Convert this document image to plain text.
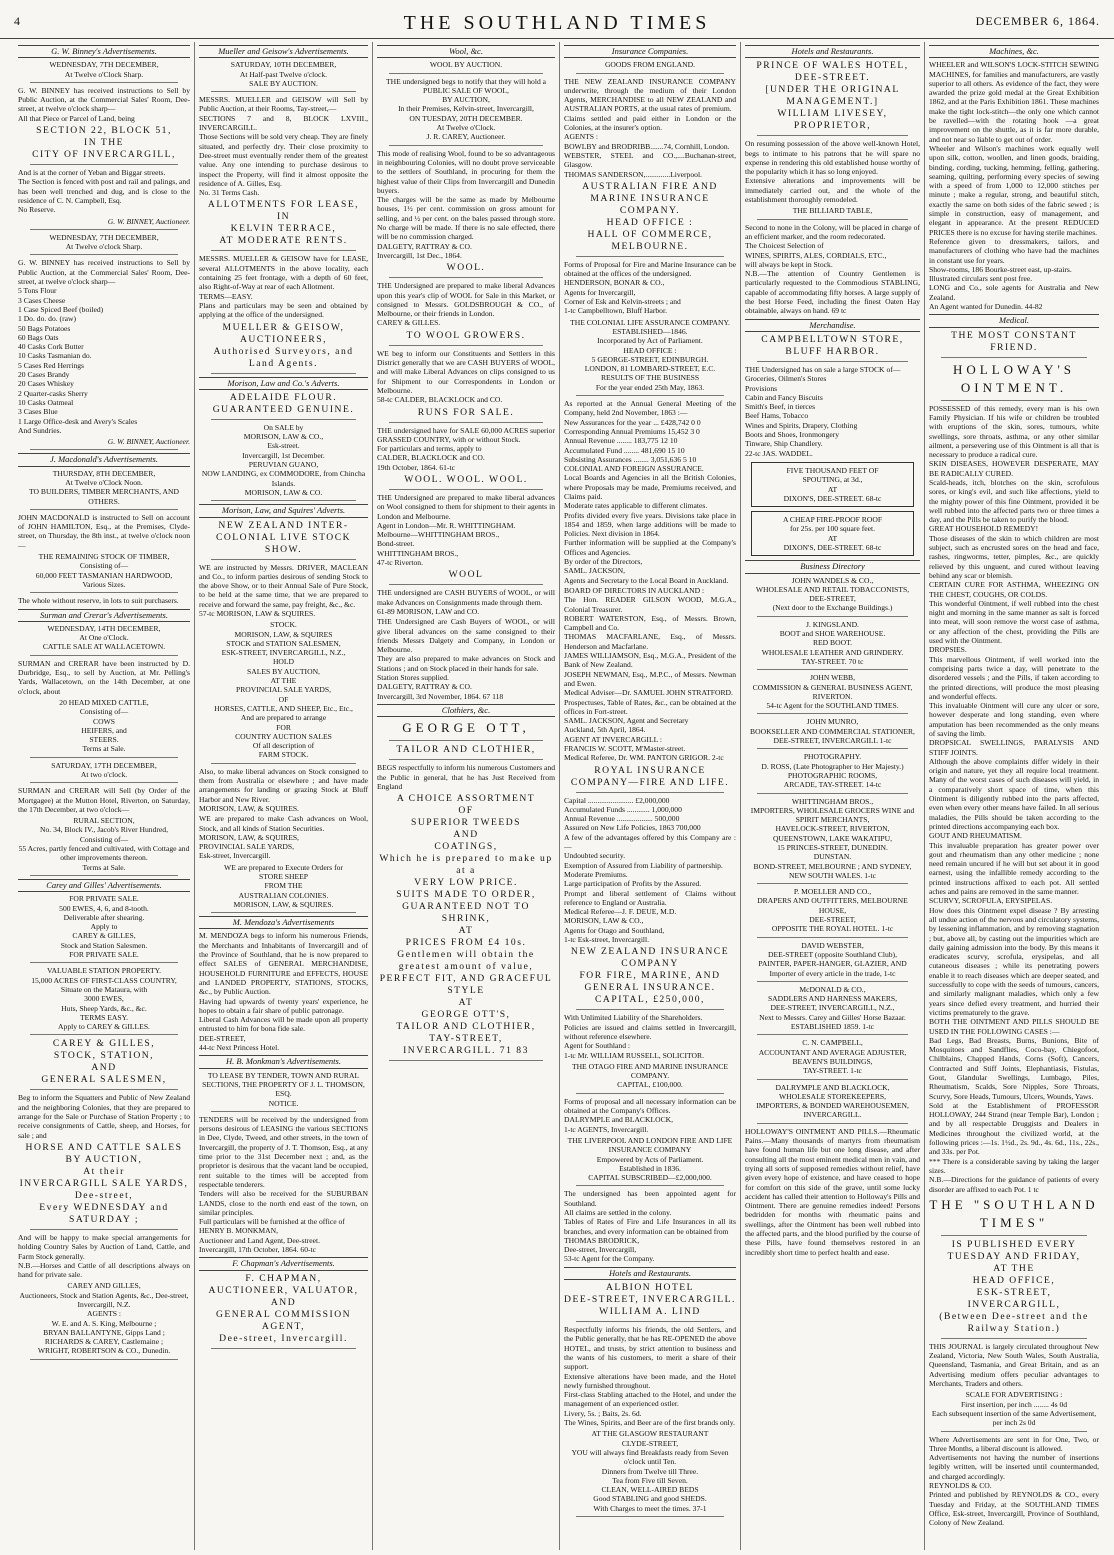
4	THE SOUTHLAND TIMES	DECEMBER 6, 1864.
G. W. Binney's Advertisements.
WEDNESDAY, 7TH DECEMBER,
At Twelve o'Clock Sharp.
G. W. BINNEY has received instructions to Sell by Public Auction, at the Commercial Sales' Room, Dee-street, at twelve o'clock sharp—
All that Piece or Parcel of Land, being
SECTION 22, BLOCK 51,
IN THE
CITY OF INVERCARGILL,
And is at the corner of Yeban and Biggar streets.
The Section is fenced with post and rail and palings, and has been well trenched and dug, and is close to the residence of C. N. Campbell, Esq.
No Reserve.
G. W. BINNEY, Auctioneer.
WEDNESDAY, 7TH DECEMBER,
At Twelve o'clock Sharp.
G. W. BINNEY has received instructions to Sell by Public Auction, at the Commercial Sales' Room, Dee-street, at twelve o'clock sharp—
5 Tons Flour
3 Cases Cheese
1 Case Spiced Beef (boiled)
1 Do. do. do. (raw)
50 Bags Potatoes
60 Bags Oats
40 Casks Cork Butter
10 Casks Tasmanian do.
5 Cases Red Herrings
20 Cases Brandy
20 Cases Whiskey
2 Quarter-casks Sherry
10 Casks Oatmeal
3 Cases Blue
1 Large Office-desk and Avery's Scales
And Sundries.
G. W. BINNEY, Auctioneer.
J. Macdonald's Advertisements.
THURSDAY, 8TH DECEMBER,
At Twelve o'Clock Noon.
TO BUILDERS, TIMBER MERCHANTS, AND OTHERS.
JOHN MACDONALD is instructed to Sell on account of JOHN HAMILTON, Esq., at the Premises, Clyde-street, on Thursday, the 8th inst., at twelve o'clock noon—
THE REMAINING STOCK OF TIMBER,
Consisting of—
60,000 FEET TASMANIAN HARDWOOD,
Various Sizes.
The whole without reserve, in lots to suit purchasers.
Surman and Crerar's Advertisements.
WEDNESDAY, 14TH DECEMBER,
At One o'Clock.
CATTLE SALE AT WALLACETOWN.
SURMAN and CRERAR have been instructed by D. Durbridge, Esq., to sell by Auction, at Mr. Pelling's Yards, Wallacetown, on the 14th December, at one o'clock, about
20 HEAD MIXED CATTLE,
Consisting of—
COWS
HEIFERS, and
STEERS.
Terms at Sale.
SATURDAY, 17TH DECEMBER,
At two o'clock.
SURMAN and CRERAR will Sell (by Order of the Mortgagee) at the Mutton Hotel, Riverton, on Saturday, the 17th December, at two o'clock—
RURAL SECTION,
No. 34, Block IV., Jacob's River Hundred,
Consisting of—
55 Acres, partly fenced and cultivated, with Cottage and other improvements thereon.
Terms at Sale.
Carey and Gilles' Advertisements.
FOR PRIVATE SALE.
500 EWES, 4, 6, and 8-tooth.
Deliverable after shearing.
Apply to
CAREY & GILLES,
Stock and Station Salesmen.
FOR PRIVATE SALE.
VALUABLE STATION PROPERTY.
15,000 ACRES OF FIRST-CLASS COUNTRY,
Situate on the Mataura, with
3000 EWES,
Huts, Sheep Yards, &c., &c.
TERMS EASY.
Apply to CAREY & GILLES.
CAREY & GILLES,
STOCK, STATION,
AND
GENERAL SALESMEN,
Beg to inform the Squatters and Public of New Zealand and the neighboring Colonies, that they are prepared to arrange for the Sale or Purchase of Station Property ; to receive consignments of Cattle, sheep, and Horses, for sale ; and
HORSE AND CATTLE SALES BY AUCTION,
At their
INVERCARGILL SALE YARDS,
Dee-street,
Every WEDNESDAY and SATURDAY ;
And will be happy to make special arrangements for holding Country Sales by Auction of Land, Cattle, and Farm Stock generally.
N.B.—Horses and Cattle of all descriptions always on hand for private sale.
CAREY AND GILLES,
Auctioneers, Stock and Station Agents, &c., Dee-street, Invercargill, N.Z.
AGENTS :
W. E. and A. S. King, Melbourne ;
BRYAN BALLANTYNE, Gipps Land ;
RICHARDS & CAREY, Castlemaine ;
WRIGHT, ROBERTSON & CO., Dunedin.
Mueller and Geisow's Advertisements.
SATURDAY, 10TH DECEMBER,
At Half-past Twelve o'clock.
SALE BY AUCTION.
MESSRS. MUELLER and GEISOW will Sell by Public Auction, at their Rooms, Tay-street,—
SECTIONS 7 and 8, BLOCK LXVIII., INVERCARGILL.
Those Sections will be sold very cheap. They are finely situated, and perfectly dry. Their close proximity to Dee-street must eventually render them of the greatest value. Any one intending to purchase desirous to inspect the Property, will find it almost opposite the residence of A. Gilles, Esq.
No. 31 Terms Cash.
ALLOTMENTS FOR LEASE,
IN
KELVIN TERRACE,
AT MODERATE RENTS.
MESSRS. MUELLER & GEISOW have for LEASE, several ALLOTMENTS in the above locality, each containing 25 feet frontage, with a depth of 60 feet, also Right-of-Way at rear of each Allotment.
TERMS—EASY.
Plans and particulars may be seen and obtained by applying at the office of the undersigned.
MUELLER & GEISOW,
AUCTIONEERS,
Authorised Surveyors, and
Land Agents.
Morison, Law and Co.'s Adverts.
ADELAIDE FLOUR.
GUARANTEED GENUINE.
On SALE by
MORISON, LAW & CO.,
Esk-street.
Invercargill, 1st December.
PERUVIAN GUANO,
NOW LANDING, ex COMMODORE, from Chincha Islands.
MORISON, LAW & CO.
Morison, Law, and Squires' Adverts.
NEW ZEALAND INTER-COLONIAL LIVE STOCK SHOW.
WE are instructed by Messrs. DRIVER, MACLEAN and Co., to inform parties desirous of sending Stock to the above Show, or to their Annual Sale of Pure Stock, to be held at the same time, that we are prepared to receive and forward the same, pay freight, &c., &c.
57-tc MORISON, LAW & SQUIRES.
STOCK.
MORISON, LAW, & SQUIRES
STOCK and STATION SALESMEN,
ESK-STREET, INVERCARGILL, N.Z.,
HOLD
SALES BY AUCTION,
AT THE
PROVINCIAL SALE YARDS,
OF
HORSES, CATTLE, AND SHEEP, Etc., Etc.,
And are prepared to arrange
FOR
COUNTRY AUCTION SALES
Of all description of
FARM STOCK.
Also, to make liberal advances on Stock consigned to them from Australia or elsewhere ; and have made arrangements for landing or grazing Stock at Bluff Harbor and New River.
MORISON, LAW, & SQUIRES.
WE are prepared to make Cash advances on Wool, Stock, and all kinds of Station Securities.
MORISON, LAW, & SQUIRES,
PROVINCIAL SALE YARDS,
Esk-street, Invercargill.
WE are prepared to Execute Orders for
STORE SHEEP
FROM THE
AUSTRALIAN COLONIES.
MORISON, LAW, & SQUIRES.
M. Mendoza's Advertisements
M. MENDOZA begs to inform his numerous Friends, the Merchants and Inhabitants of Invercargill and of the Province of Southland, that he is now prepared to effect SALES of GENERAL MERCHANDISE, HOUSEHOLD FURNITURE and EFFECTS, HOUSE and LANDED PROPERTY, STATIONS, STOCKS, &c., by Public Auction.
Having had upwards of twenty years' experience, he hopes to obtain a fair share of public patronage.
Liberal Cash Advances will be made upon all property entrusted to him for bona fide sale.
DEE-STREET,
44-tc Next Princess Hotel.
H. B. Monkman's Advertisements.
TO LEASE BY TENDER, TOWN AND RURAL SECTIONS, THE PROPERTY OF J. L. THOMSON, ESQ.
NOTICE.
TENDERS will be received by the undersigned from persons desirous of LEASING the various SECTIONS in Dee, Clyde, Tweed, and other streets, in the town of Invercargill, the property of J. T. Thomson, Esq., at any time prior to the 31st December next ; and, as the proprietor is desirous that the vacant land be occupied, rent suitable to the times will be accepted from respectable tenderers.
Tenders will also be received for the SUBURBAN LANDS, close to the north end east of the town, on similar principles.
Full particulars will be furnished at the office of
HENRY B. MONKMAN,
Auctioneer and Land Agent, Dee-street.
Invercargill, 17th October, 1864. 60-tc
F. Chapman's Advertisements.
F. CHAPMAN,
AUCTIONEER, VALUATOR,
AND
GENERAL COMMISSION AGENT,
Dee-street, Invercargill.
Wool, &c.
WOOL BY AUCTION.
THE undersigned begs to notify that they will hold a
PUBLIC SALE OF WOOL,
BY AUCTION,
In their Premises, Kelvin-street, Invercargill,
ON TUESDAY, 20TH DECEMBER.
At Twelve o'Clock.
J. R. CAREY, Auctioneer.
This mode of realising Wool, found to be so advantageous in neighbouring Colonies, will no doubt prove serviceable to the settlers of Southland, in procuring for them the highest value of their Clips from Invercargill and Dunedin buyers.
The charges will be the same as made by Melbourne houses, 1½ per cent. commission on gross amount for selling, and ½ per cent. on the bales passed through store. No charge will be made. If there is no sale effected, there will be no commission charged.
DALGETY, RATTRAY & CO.
Invercargill, 1st Dec., 1864.
WOOL.
THE Undersigned are prepared to make liberal Advances upon this year's clip of WOOL for Sale in this Market, or consigned to Messrs. GOLDSBROUGH & CO., of Melbourne, or their friends in London.
CAREY & GILLES.
TO WOOL GROWERS.
WE beg to inform our Constituents and Settlers in this District generally that we are CASH BUYERS of WOOL, and will make Liberal Advances on clips consigned to us for Shipment to our Correspondents in London or Melbourne.
58-tc CALDER, BLACKLOCK and CO.
RUNS FOR SALE.
THE undersigned have for SALE 60,000 ACRES superior GRASSED COUNTRY, with or without Stock.
For particulars and terms, apply to
CALDER, BLACKLOCK and CO.
19th October, 1864. 61-tc
WOOL. WOOL. WOOL.
THE Undersigned are prepared to make liberal advances on Wool consigned to them for shipment to their agents in London and Melbourne.
Agent in London—Mr. R. WHITTINGHAM.
Melbourne—WHITTINGHAM BROS.,
Bond-street.
WHITTINGHAM BROS.,
47-tc Riverton.
WOOL
THE undersigned are CASH BUYERS of WOOL, or will make Advances on Consignments made through them.
61-89 MORISON, LAW and CO.
THE Undersigned are Cash Buyers of WOOL, or will give liberal advances on the same consigned to their friends Messrs Dalgety and Company, in London or Melbourne.
They are also prepared to make advances on Stock and Stations ; and on Stock placed in their hands for sale.
Station Stores supplied.
DALGETY, RATTRAY & CO.
Invercargill, 3rd November, 1864. 67 118
Clothiers, &c.
GEORGE OTT,
TAILOR AND CLOTHIER,
BEGS respectfully to inform his numerous Customers and the Public in general, that he has Just Received from England
A CHOICE ASSORTMENT
OF
SUPERIOR TWEEDS
AND
COATINGS,
Which he is prepared to make up at a
VERY LOW PRICE.
SUITS MADE TO ORDER,
GUARANTEED NOT TO SHRINK,
AT
PRICES FROM £4 10s.
Gentlemen will obtain the greatest amount of value,
PERFECT FIT, AND GRACEFUL STYLE
AT
GEORGE OTT'S,
TAILOR AND CLOTHIER,
TAY-STREET,
INVERCARGILL. 71 83
Insurance Companies.
GOODS FROM ENGLAND.
THE NEW ZEALAND INSURANCE COMPANY underwrite, through the medium of their London Agents, MERCHANDISE to all NEW ZEALAND and AUSTRALIAN PORTS, at the usual rates of premium.
Claims settled and paid either in London or the Colonies, at the insurer's option.
AGENTS :
BOWLBY and BRODRIBB.......74, Cornhill, London.
WEBSTER, STEEL and CO.,....Buchanan-street, Glasgow.
THOMAS SANDERSON,.............Liverpool.
AUSTRALIAN FIRE AND MARINE INSURANCE COMPANY.
HEAD OFFICE :
HALL OF COMMERCE, MELBOURNE.
Forms of Proposal for Fire and Marine Insurance can be obtained at the offices of the undersigned.
HENDERSON, BONAR & CO.,
Agents for Invercargill,
Corner of Esk and Kelvin-streets ; and
1-tc Campbelltown, Bluff Harbor.
THE COLONIAL LIFE ASSURANCE COMPANY.
ESTABLISHED—1846.
Incorporated by Act of Parliament.
HEAD OFFICE :
5 GEORGE-STREET, EDINBURGH.
LONDON, 81 LOMBARD-STREET, E.C.
RESULTS OF THE BUSINESS
For the year ended 25th May, 1863.
As reported at the Annual General Meeting of the Company, held 2nd November, 1863 :—
New Assurances for the year ... £428,742 0 0
Corresponding Annual Premiums 15,452 3 0
Annual Revenue ........ 183,775 12 10
Accumulated Fund ........ 481,690 15 10
Subsisting Assurances ........ 3,051,636 5 10
COLONIAL AND FOREIGN ASSURANCE.
Local Boards and Agencies in all the British Colonies, where Proposals may be made, Premiums received, and Claims paid.
Moderate rates applicable to different climates.
Profits divided every five years. Divisions take place in 1854 and 1859, when large additions will be made to Policies. Next division in 1864.
Further information will be supplied at the Company's Offices and Agencies.
By order of the Directors,
SAML. JACKSON,
Agents and Secretary to the Local Board in Auckland.
BOARD OF DIRECTORS IN AUCKLAND :
The Hon. READER GILSON WOOD, M.G.A., Colonial Treasurer.
ROBERT WATERSTON, Esq., of Messrs. Brown, Campbell and Co.
THOMAS MACFARLANE, Esq., of Messrs. Henderson and Macfarlane.
JAMES WILLIAMSON, Esq., M.G.A., President of the Bank of New Zealand.
JOSEPH NEWMAN, Esq., M.P.C., of Messrs. Newman and Ewen.
Medical Adviser—Dr. SAMUEL JOHN STRATFORD.
Prospectuses, Table of Rates, &c., can be obtained at the offices in Fort-street.
SAML. JACKSON, Agent and Secretary
Auckland, 5th April, 1864.
AGENT AT INVERCARGILL :
FRANCIS W. SCOTT, M'Master-street.
Medical Referee, Dr. WM. PANTON GRIGOR. 2-tc
ROYAL INSURANCE COMPANY—FIRE AND LIFE.
Capital ........................ £2,000,000
Accumulated Funds ............ 1,000,000
Annual Revenue ................... 500,000
Assured on New Life Policies, 1863 700,000
A few of the advantages offered by this Company are :—
Undoubted security.
Exemption of Assured from Liability of partnership.
Moderate Premiums.
Large participation of Profits by the Assured.
Prompt and liberal settlement of Claims without reference to England or Australia.
Medical Referee—J. F. DEUE, M.D.
MORISON, LAW & CO.,
Agents for Otago and Southland,
1-tc Esk-street, Invercargill.
NEW ZEALAND INSURANCE COMPANY
FOR FIRE, MARINE, AND GENERAL INSURANCE.
CAPITAL, £250,000,
With Unlimited Liability of the Shareholders.
Policies are issued and claims settled in Invercargill, without reference elsewhere.
Agent for Southland :
1-tc Mr. WILLIAM RUSSELL, SOLICITOR.
THE OTAGO FIRE AND MARINE INSURANCE COMPANY.
CAPITAL, £100,000.
Forms of proposal and all necessary information can be obtained at the Company's Offices.
DALRYMPLE and BLACKLOCK,
1-tc AGENTS, Invercargill.
THE LIVERPOOL AND LONDON FIRE AND LIFE INSURANCE COMPANY
Empowered by Acts of Parliament.
Established in 1836.
CAPITAL SUBSCRIBED—£2,000,000.
The undersigned has been appointed agent for Southland.
All claims are settled in the colony.
Tables of Rates of Fire and Life Insurances in all its branches, and every information can be obtained from
THOMAS BRODRICK,
Dee-street, Invercargill,
53-tc Agent for the Company.
Hotels and Restaurants.
ALBION HOTEL
DEE-STREET, INVERCARGILL.
WILLIAM A. LIND
Respectfully informs his friends, the old Settlers, and the Public generally, that he has RE-OPENED the above HOTEL, and trusts, by strict attention to business and the wants of his customers, to merit a share of their support.
Extensive alterations have been made, and the Hotel newly furnished throughout.
First-class Stabling attached to the Hotel, and under the management of an experienced ostler.
Livery, 5s. ; Baits, 2s. 6d.
The Wines, Spirits, and Beer are of the first brands only.
AT THE GLASGOW RESTAURANT
CLYDE-STREET,
YOU will always find Breakfasts ready from Seven o'clock until Ten.
Dinners from Twelve till Three.
Tea from Five till Seven.
CLEAN, WELL-AIRED BEDS
Good STABLING and good SHEDS.
With Charges to meet the times. 37-1
Hotels and Restaurants.
PRINCE OF WALES HOTEL,
DEE-STREET.
[UNDER THE ORIGINAL MANAGEMENT.]
WILLIAM LIVESEY,
PROPRIETOR,
On resuming possession of the above well-known Hotel, begs to intimate to his patrons that he will spare no expense in rendering this old established house worthy of the popularity which it has so long enjoyed.
Extensive alterations and improvements will be immediately carried out, and the whole of the establishment thoroughly remodeled.
THE BILLIARD TABLE,
Second to none in the Colony, will be placed in charge of an efficient marker, and the room redecorated.
The Choicest Selection of
WINES, SPIRITS, ALES, CORDIALS, ETC.,
will always be kept in Stock.
N.B.—The attention of Country Gentlemen is particularly requested to the Commodious STABLING, capable of accommodating fifty horses. A large supply of the best Horse Feed, including the finest Oaten Hay obtainable, always on hand. 69 tc
Merchandise.
CAMPBELLTOWN STORE,
BLUFF HARBOR.
THE Undersigned has on sale a large STOCK of—
Groceries, Oilmen's Stores
Provisions
Cabin and Fancy Biscuits
Smith's Beef, in tierces
Beef Hams, Tobacco
Wines and Spirits, Drapery, Clothing
Boots and Shoes, Ironmongery
Tinware, Ship Chandlery.
22-tc JAS. WADDEL.
FIVE THOUSAND FEET OF
SPOUTING, at 3d.,
AT
DIXON'S, DEE-STREET. 68-tc
A CHEAP FIRE-PROOF ROOF
for 25s. per 100 square feet.
AT
DIXON'S, DEE-STREET. 68-tc
Business Directory
JOHN WANDELS & CO.,
WHOLESALE AND RETAIL TOBACCONISTS,
DEE-STREET,
(Next door to the Exchange Buildings.)
J. KINGSLAND.
BOOT and SHOE WAREHOUSE.
RED BOOT.
WHOLESALE LEATHER AND GRINDERY.
TAY-STREET. 70 tc
JOHN WEBB,
COMMISSION & GENERAL BUSINESS AGENT, RIVERTON.
54-tc Agent for the SOUTHLAND TIMES.
JOHN MUNRO,
BOOKSELLER AND COMMERCIAL STATIONER,
DEE-STREET, INVERCARGILL 1-tc
PHOTOGRAPHY.
D. ROSS, (Late Photographer to Her Majesty.)
PHOTOGRAPHIC ROOMS,
ARCADE, TAY-STREET. 14-tc
WHITTINGHAM BROS.,
IMPORTERS, WHOLESALE GROCERS WINE and SPIRIT MERCHANTS,
HAVELOCK-STREET, RIVERTON,
QUEENSTOWN, LAKE WAKATIPU,
15 PRINCES-STREET, DUNEDIN.
DUNSTAN.
BOND-STREET, MELBOURNE ; AND SYDNEY, NEW SOUTH WALES. 1-tc
P. MOELLER AND CO.,
DRAPERS AND OUTFITTERS, MELBOURNE HOUSE,
DEE-STREET,
OPPOSITE THE ROYAL HOTEL. 1-tc
DAVID WEBSTER,
DEE-STREET (opposite Southland Club),
PAINTER, PAPER-HANGER, GLAZIER, AND
Importer of every article in the trade, 1-tc
McDONALD & CO.,
SADDLERS AND HARNESS MAKERS,
DEE-STREET, INVERCARGILL, N.Z.,
Next to Messrs. Carey and Gilles' Horse Bazaar.
ESTABLISHED 1859. 1-tc
C. N. CAMPBELL,
ACCOUNTANT AND AVERAGE ADJUSTER,
BEAVEN'S BUILDINGS,
TAY-STREET. 1-tc
DALRYMPLE AND BLACKLOCK,
WHOLESALE STOREKEEPERS,
IMPORTERS, & BONDED WAREHOUSEMEN,
INVERCARGILL.
HOLLOWAY'S OINTMENT AND PILLS.—Rheumatic Pains.—Many thousands of martyrs from rheumatism have found human life but one long disease, and after consulting all the most eminent medical men in vain, and trying all sorts of supposed remedies without relief, have given every hope of existence, and have ceased to hope for comfort on this side of the grave, until some lucky accident has called their attention to Holloway's Pills and Ointment. There are genuine remedies indeed! Persons bedridden for months with rheumatic pains and swellings, after the Ointment has been well rubbed into the affected parts, and the blood purified by the course of these Pills, have found themselves restored in an incredibly short time to perfect health and ease.
Machines, &c.
WHEELER and WILSON'S LOCK-STITCH SEWING MACHINES, for families and manufacturers, are vastly superior to all others. As evidence of the fact, they were awarded the prize gold medal at the Great Exhibition 1862, and at the Paris Exhibition 1861. These machines make the tight lock-stitch—the only one which cannot be ravelled—with the rotating hook —a great improvement on the shuttle, as it is far more durable, and not near so liable to get out of order.
Wheeler and Wilson's machines work equally well upon silk, cotton, woollen, and linen goods, braiding, binding, cording, tucking, hemming, felling, gathering, seaming, quilting, performing every species of sewing with a speed of from 1,000 to 12,000 stitches per minute ; make a regular, strong, and beautiful stitch, exactly the same on both sides of the fabric sewed ; is simple in construction, easy of management, and elegant in appearance. At the present REDUCED PRICES there is no excuse for having sterile machines.
Reference given to dressmakers, tailors, and manufacturers of clothing who have had the machines in constant use for years.
Show-rooms, 186 Bourke-street east, up-stairs.
Illustrated circulars sent post free.
LONG and Co., sole agents for Australia and New Zealand.
An Agent wanted for Dunedin. 44-82
Medical.
THE MOST CONSTANT FRIEND.
HOLLOWAY'S OINTMENT.
POSSESSED of this remedy, every man is his own Family Physician. If his wife or children be troubled with eruptions of the skin, sores, tumours, white swellings, sore throats, asthma, or any other similar ailment, a persevering use of this Ointment is all that is necessary to produce a radical cure.
SKIN DISEASES, HOWEVER DESPERATE, MAY BE RADICALLY CURED.
Scald-heads, itch, blotches on the skin, scrofulous sores, or king's evil, and such like affections, yield to the mighty power of this fine Ointment, provided it be well rubbed into the affected parts two or three times a day, and the Pills be taken to purify the blood.
GREAT HOUSEHOLD REMEDY!
Those diseases of the skin to which children are most subject, such as encrusted sores on the head and face, rashes, ringworms, tetter, pimples, &c., are quickly relieved by this unguent, and cured without leaving behind any scar or blemish.
CERTAIN CURE FOR ASTHMA, WHEEZING ON THE CHEST, COUGHS, OR COLDS.
This wonderful Ointment, if well rubbed into the chest night and morning in the same manner as salt is forced into meat, will soon remove the worst case of asthma, or any affection of the chest, providing the Pills are used with the Ointment.
DROPSIES.
This marvellous Ointment, if well worked into the comprising parts twice a day, will penetrate to the disordered vessels ; and the Pills, if taken according to the printed directions, will produce the most pleasing and wonderful effects.
This invaluable Ointment will cure any ulcer or sore, however desperate and long standing, even where amputation has been recommended as the only means of saving the limb.
DROPSICAL SWELLINGS, PARALYSIS AND STIFF JOINTS.
Although the above complaints differ widely in their origin and nature, yet they all require local treatment. Many of the worst cases of such diseases will yield, in a comparatively short space of time, when this Ointment is diligently rubbed into the parts affected, even when every other means have failed. In all serious maladies, the Pills should be taken according to the printed directions accompanying each box.
GOUT AND RHEUMATISM.
This invaluable preparation has greater power over gout and rheumatism than any other medicine ; none need remain uncured if he will but set about it in good earnest, using the infallible remedy according to the printed instructions affixed to each pot. All settled aches and pains are removed in the same manner.
SCURVY, SCROFULA, ERYSIPELAS.
How does this Ointment expel disease ? By arresting all undue action of the nervous and circulatory systems, by lessening inflammation, and by removing stagnation ; but, above all, by casting out the impurities which are daily gaining admission into the body. By this means it eradicates scurvy, scrofula, erysipelas, and all cutaneous diseases ; while its penetrating powers enable it to reach diseases which are deeper seated, and successfully to cope with the seeds of tumours, cancers, and similarly malignant maladies, which only a few years since defied every treatment, and hurried their victims prematurely to the grave.
BOTH THE OINTMENT AND PILLS SHOULD BE USED IN THE FOLLOWING CASES :—
Bad Legs, Bad Breasts, Burns, Bunions, Bite of Mosquitoes and Sandflies, Coco-bay, Chiegofoot, Chilblains, Chapped Hands, Corns (Soft), Cancers, Contracted and Stiff Joints, Elephantiasis, Fistulas, Gout, Glandular Swellings, Lumbago, Piles, Rheumatism, Scalds, Sore Nipples, Sore Throats, Scurvy, Sore Heads, Tumours, Ulcers, Wounds, Yaws.
Sold at the Establishment of PROFESSOR HOLLOWAY, 244 Strand (near Temple Bar), London ; and by all respectable Druggists and Dealers in Medicines throughout the civilized world, at the following prices :—1s. 1½d., 2s. 9d., 4s. 6d., 11s., 22s., and 33s. per Pot.
*** There is a considerable saving by taking the larger sizes.
N.B.—Directions for the guidance of patients of every disorder are affixed to each Pot. 1 tc
THE "SOUTHLAND TIMES"
IS PUBLISHED EVERY
TUESDAY AND FRIDAY,
AT THE
HEAD OFFICE,
ESK-STREET, INVERCARGILL,
(Between Dee-street and the Railway Station.)
THIS JOURNAL is largely circulated throughout New Zealand, Victoria, New South Wales, South Australia, Queensland, Tasmania, and Great Britain, and as an Advertising medium offers peculiar advantages to Merchants, Traders and others.
SCALE FOR ADVERTISING :
First insertion, per inch ........ 4s 0d
Each subsequent insertion of the same Advertisement, per inch 2s 0d
Where Advertisements are sent in for One, Two, or Three Months, a liberal discount is allowed.
Advertisements not having the number of insertions legibly written, will be inserted until countermanded, and charged accordingly.
REYNOLDS & CO.
Printed and published by REYNOLDS & CO., every Tuesday and Friday, at the SOUTHLAND TIMES Office, Esk-street, Invercargill, Province of Southland, Colony of New Zealand.
